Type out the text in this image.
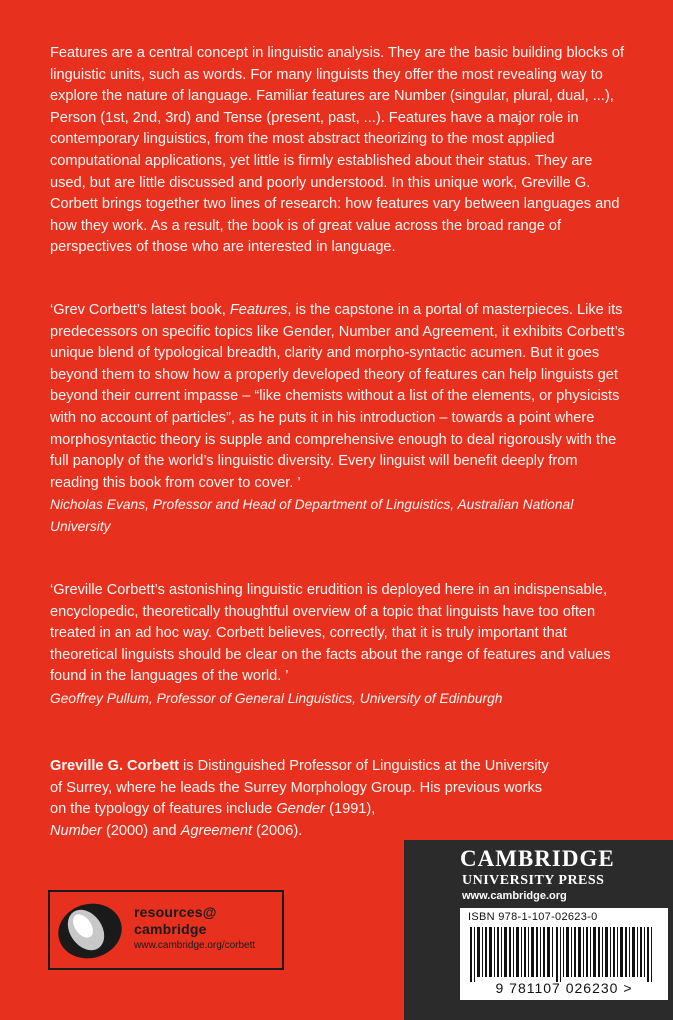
Features are a central concept in linguistic analysis. They are the basic building blocks of linguistic units, such as words. For many linguists they offer the most revealing way to explore the nature of language. Familiar features are Number (singular, plural, dual, ...), Person (1st, 2nd, 3rd) and Tense (present, past, ...). Features have a major role in contemporary linguistics, from the most abstract theorizing to the most applied computational applications, yet little is firmly established about their status. They are used, but are little discussed and poorly understood. In this unique work, Greville G. Corbett brings together two lines of research: how features vary between languages and how they work. As a result, the book is of great value across the broad range of perspectives of those who are interested in language.

‘Grev Corbett’s latest book, Features, is the capstone in a portal of masterpieces. Like its predecessors on specific topics like Gender, Number and Agreement, it exhibits Corbett’s unique blend of typological breadth, clarity and morpho-syntactic acumen. But it goes beyond them to show how a properly developed theory of features can help linguists get beyond their current impasse – “like chemists without a list of the elements, or physicists with no account of particles”, as he puts it in his introduction – towards a point where morphosyntactic theory is supple and comprehensive enough to deal rigorously with the full panoply of the world’s linguistic diversity. Every linguist will benefit deeply from reading this book from cover to cover. ’

Nicholas Evans, Professor and Head of Department of Linguistics, Australian National University

‘Greville Corbett’s astonishing linguistic erudition is deployed here in an indispensable, encyclopedic, theoretically thoughtful overview of a topic that linguists have too often treated in an ad hoc way. Corbett believes, correctly, that it is truly important that theoretical linguists should be clear on the facts about the range of features and values found in the languages of the world. ’

Geoffrey Pullum, Professor of General Linguistics, University of Edinburgh

Greville G. Corbett is Distinguished Professor of Linguistics at the University of Surrey, where he leads the Surrey Morphology Group. His previous works on the typology of features include Gender (1991),
Number (2000) and Agreement (2006).

resources@
cambridge
www.cambridge.org/corbett
CAMBRIDGE
UNIVERSITY PRESS
www.cambridge.org
ISBN 978-1-107-02623-0
9 781107 026230 >
